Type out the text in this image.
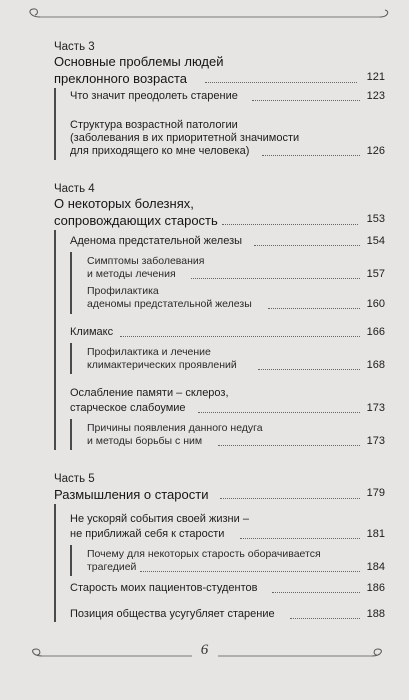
Часть 3
Основные проблемы людей
преклонного возраста	121
Что значит преодолеть старение	123
Структура возрастной патологии
(заболевания в их приоритетной значимости
для приходящего ко мне человека)	126
Часть 4
О некоторых болезнях,
сопровождающих старость	153
Аденома предстательной железы	154
Симптомы заболевания
и методы лечения	157
Профилактика
аденомы предстательной железы	160
Климакс	166
Профилактика и лечение
климактерических проявлений	168
Ослабление памяти – склероз,
старческое слабоумие	173
Причины появления данного недуга
и методы борьбы с ним	173
Часть 5
Размышления о старости	179
Не ускоряй события своей жизни –
не приближай себя к старости	181
Почему для некоторых старость оборачивается
трагедией	184
Старость моих пациентов-студентов	186
Позиция общества усугубляет старение	188
6
